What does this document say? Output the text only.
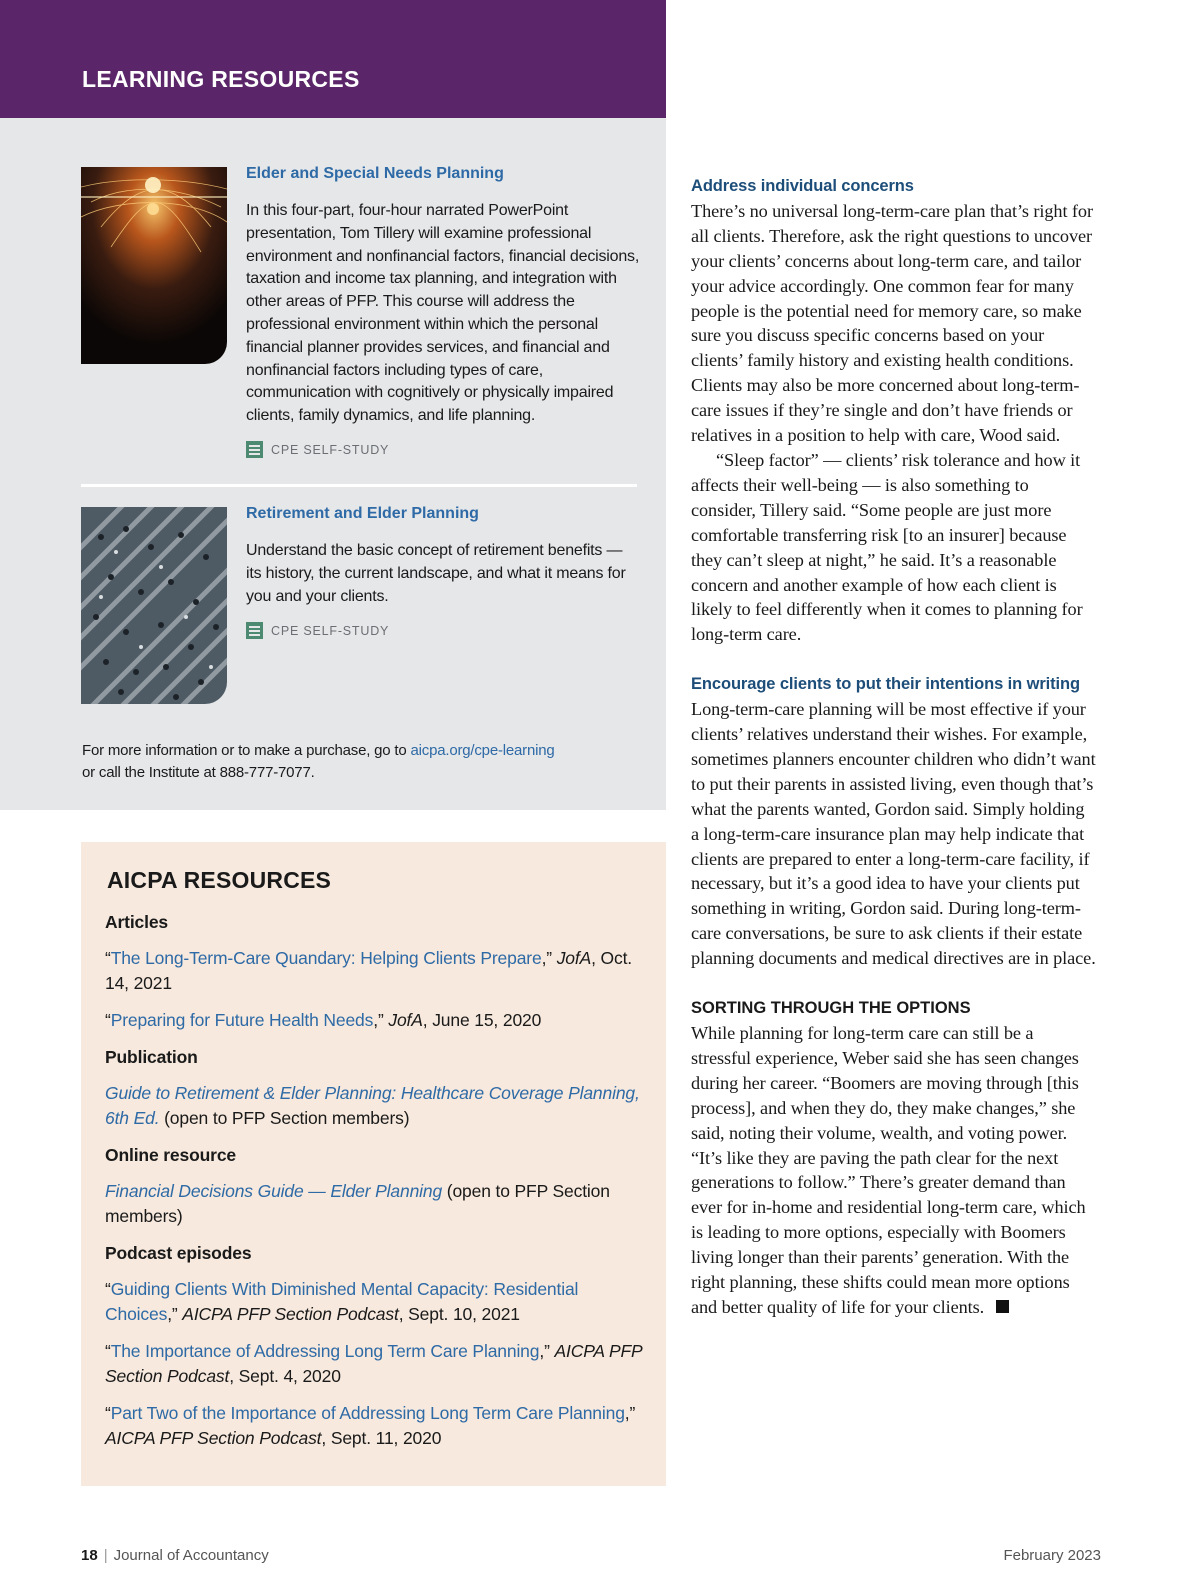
LEARNING RESOURCES
Elder and Special Needs Planning
In this four-part, four-hour narrated PowerPoint presentation, Tom Tillery will examine professional environment and nonfinancial factors, financial decisions, taxation and income tax planning, and integration with other areas of PFP. This course will address the professional environment within which the personal financial planner provides services, and financial and nonfinancial factors including types of care, communication with cognitively or physically impaired clients, family dynamics, and life planning.
CPE SELF-STUDY
Retirement and Elder Planning
Understand the basic concept of retirement benefits — its history, the current landscape, and what it means for you and your clients.
CPE SELF-STUDY
For more information or to make a purchase, go to aicpa.org/cpe-learning
or call the Institute at 888-777-7077.
AICPA RESOURCES
Articles
“The Long-Term-Care Quandary: Helping Clients Prepare,” JofA, Oct. 14, 2021
“Preparing for Future Health Needs,” JofA, June 15, 2020
Publication
Guide to Retirement & Elder Planning: Healthcare Coverage Planning, 6th Ed. (open to PFP Section members)
Online resource
Financial Decisions Guide — Elder Planning (open to PFP Section members)
Podcast episodes
“Guiding Clients With Diminished Mental Capacity: Residential Choices,” AICPA PFP Section Podcast, Sept. 10, 2021
“The Importance of Addressing Long Term Care Planning,” AICPA PFP Section Podcast, Sept. 4, 2020
“Part Two of the Importance of Addressing Long Term Care Planning,” AICPA PFP Section Podcast, Sept. 11, 2020
Address individual concerns

There’s no universal long-term-care plan that’s right for all clients. Therefore, ask the right questions to uncover your clients’ concerns about long-term care, and tailor your advice accordingly. One common fear for many people is the potential need for memory care, so make sure you discuss specific concerns based on your clients’ family history and existing health conditions. Clients may also be more concerned about long-term-care issues if they’re single and don’t have friends or relatives in a position to help with care, Wood said.

“Sleep factor” — clients’ risk tolerance and how it affects their well-being — is also something to consider, Tillery said. “Some people are just more comfortable transferring risk [to an insurer] because they can’t sleep at night,” he said. It’s a reasonable concern and another example of how each client is likely to feel differently when it comes to planning for long-term care.

Encourage clients to put their intentions in writing

Long-term-care planning will be most effective if your clients’ relatives understand their wishes. For example, sometimes planners encounter children who didn’t want to put their parents in assisted living, even though that’s what the parents wanted, Gordon said. Simply holding a long-term-care insurance plan may help indicate that clients are prepared to enter a long-term-care facility, if necessary, but it’s a good idea to have your clients put something in writing, Gordon said. During long-term-care conversations, be sure to ask clients if their estate planning documents and medical directives are in place.

SORTING THROUGH THE OPTIONS

While planning for long-term care can still be a stressful experience, Weber said she has seen changes during her career. “Boomers are moving through [this process], and when they do, they make changes,” she said, noting their volume, wealth, and voting power. “It’s like they are paving the path clear for the next generations to follow.” There’s greater demand than ever for in-home and residential long-term care, which is leading to more options, especially with Boomers living longer than their parents’ generation. With the right planning, these shifts could mean more options and better quality of life for your clients.

18 | Journal of Accountancy	February 2023
